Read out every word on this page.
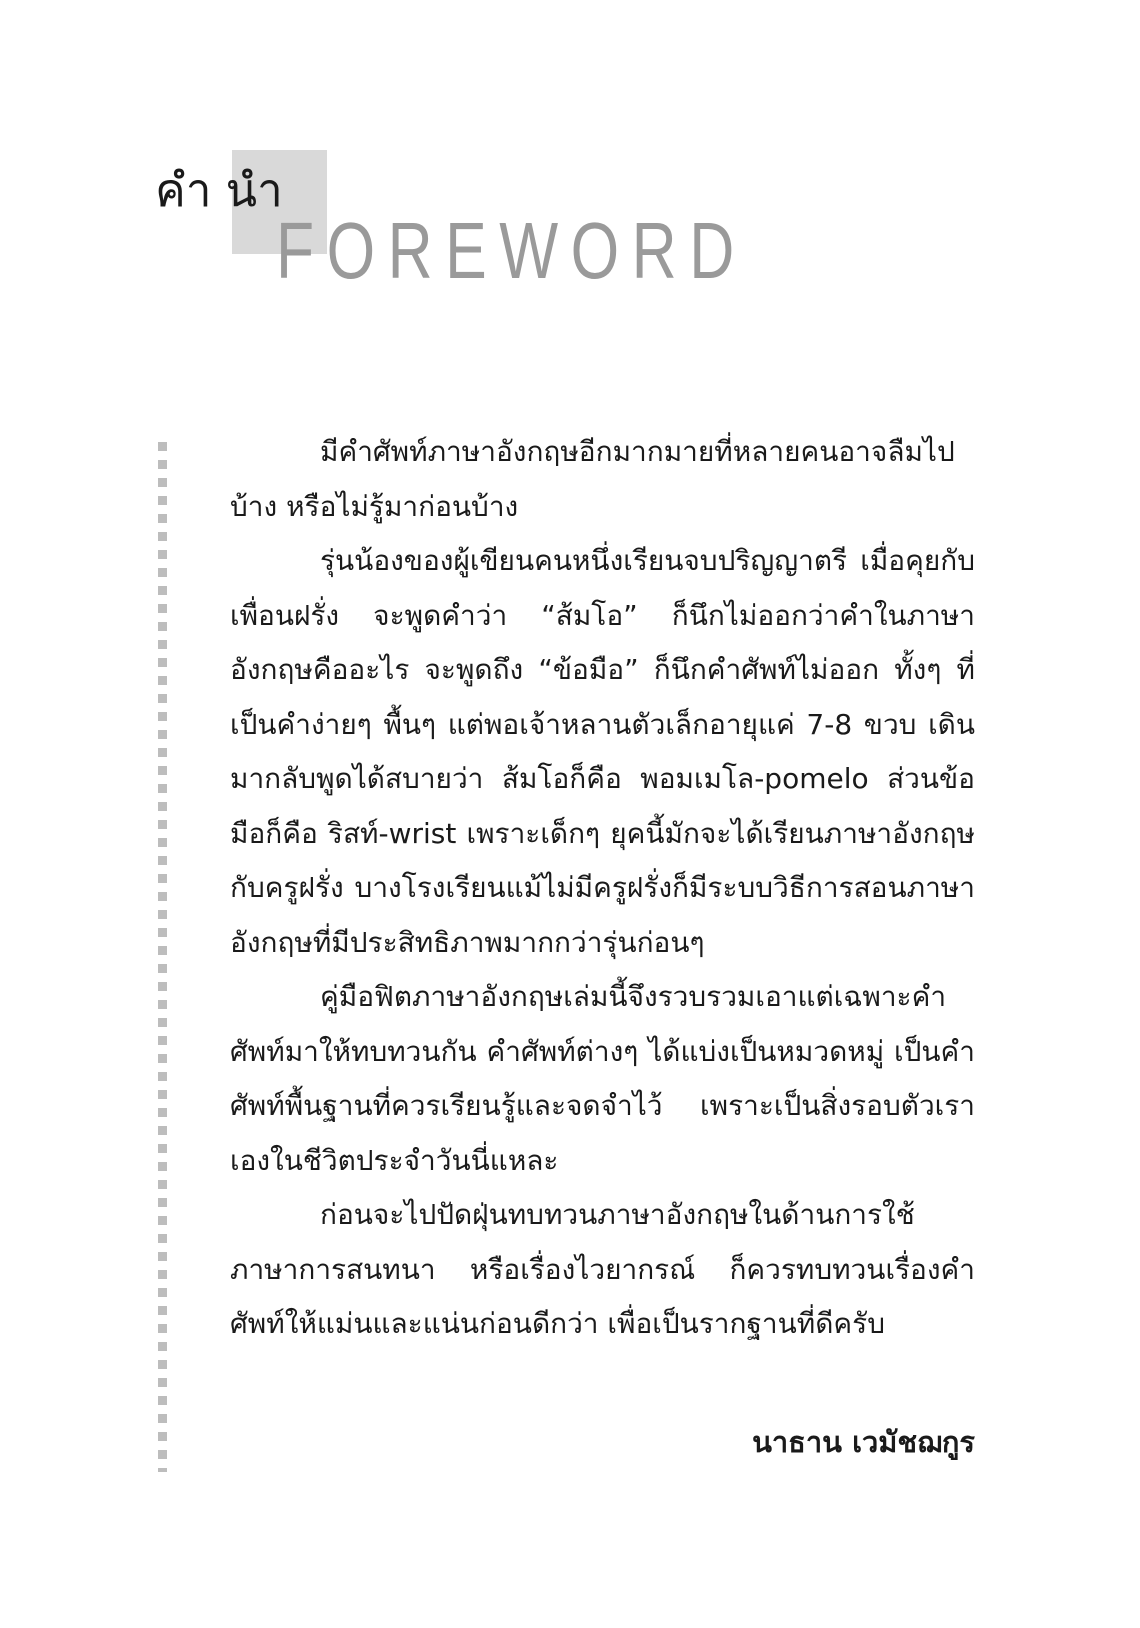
คำนำ
FOREWORD

มีคำศัพท์ภาษาอังกฤษอีกมากมายที่หลายคนอาจลืมไปบ้าง หรือไม่รู้มาก่อนบ้าง

รุ่นน้องของผู้เขียนคนหนึ่งเรียนจบปริญญาตรี เมื่อคุยกับเพื่อนฝรั่ง จะพูดคำว่า “ส้มโอ” ก็นึกไม่ออกว่าคำในภาษาอังกฤษคืออะไร จะพูดถึง “ข้อมือ” ก็นึกคำศัพท์ไม่ออก ทั้งๆ ที่เป็นคำง่ายๆ พื้นๆ แต่พอเจ้าหลานตัวเล็กอายุแค่ 7-8 ขวบ เดินมากลับพูดได้สบายว่า ส้มโอก็คือ พอมเมโล-pomelo ส่วนข้อมือก็คือ ริสท์-wrist เพราะเด็กๆ ยุคนี้มักจะได้เรียนภาษาอังกฤษกับครูฝรั่ง บางโรงเรียนแม้ไม่มีครูฝรั่งก็มีระบบวิธีการสอนภาษาอังกฤษที่มีประสิทธิภาพมากกว่ารุ่นก่อนๆ

คู่มือฟิตภาษาอังกฤษเล่มนี้จึงรวบรวมเอาแต่เฉพาะคำศัพท์มาให้ทบทวนกัน คำศัพท์ต่างๆ ได้แบ่งเป็นหมวดหมู่ เป็นคำศัพท์พื้นฐานที่ควรเรียนรู้และจดจำไว้ เพราะเป็นสิ่งรอบตัวเราเองในชีวิตประจำวันนี่แหละ

ก่อนจะไปปัดฝุ่นทบทวนภาษาอังกฤษในด้านการใช้ภาษาการสนทนา หรือเรื่องไวยากรณ์ ก็ควรทบทวนเรื่องคำศัพท์ให้แม่นและแน่นก่อนดีกว่า เพื่อเป็นรากฐานที่ดีครับ

นาธาน เวมัชฌกูร
